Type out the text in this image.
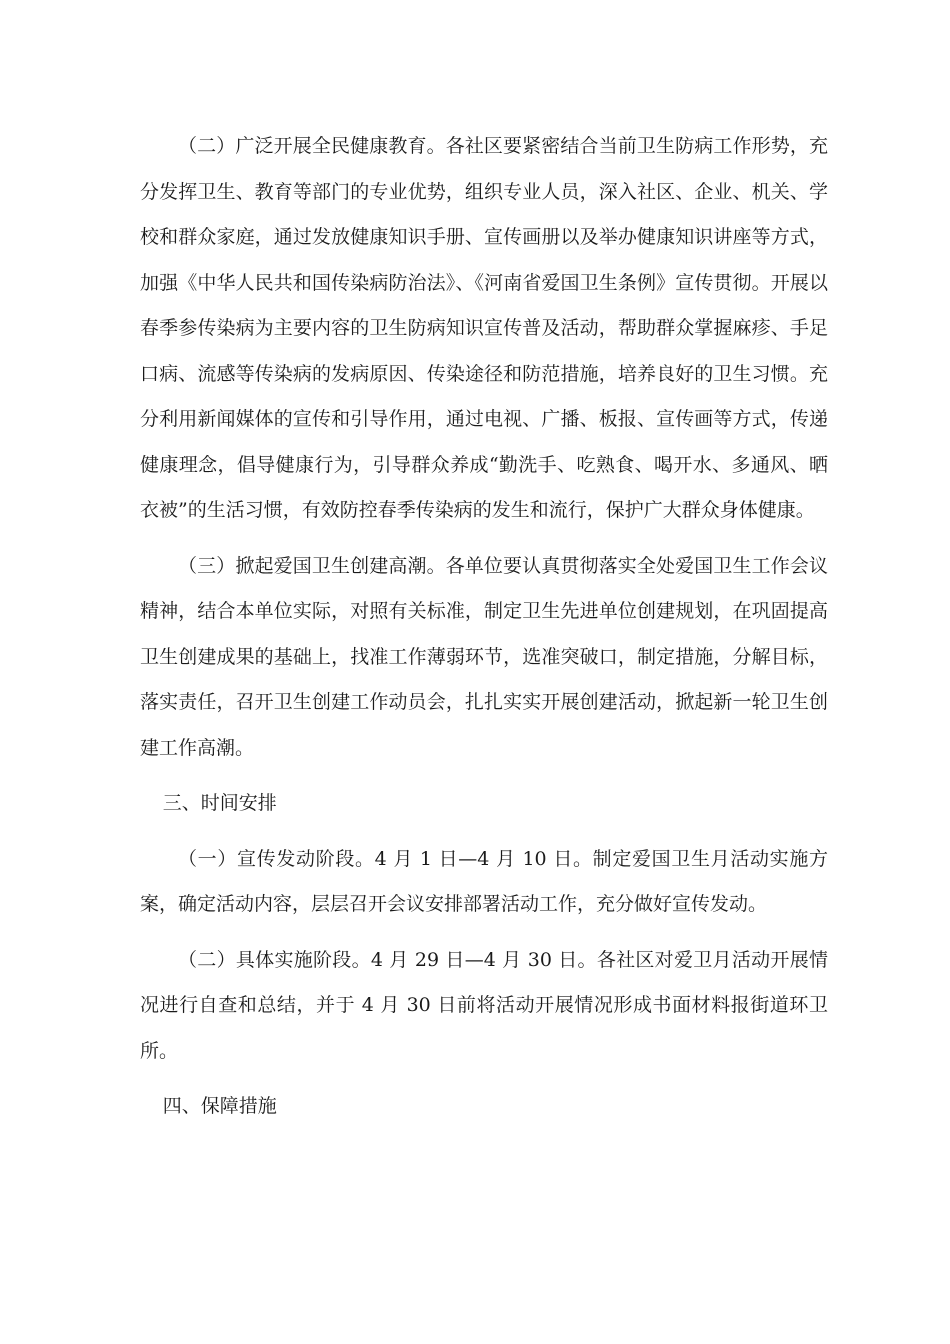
（二）广泛开展全民健康教育。各社区要紧密结合当前卫生防病工作形势，充分发挥卫生、教育等部门的专业优势，组织专业人员，深入社区、企业、机关、学校和群众家庭，通过发放健康知识手册、宣传画册以及举办健康知识讲座等方式，加强《中华人民共和国传染病防治法》、《河南省爱国卫生条例》宣传贯彻。开展以春季参传染病为主要内容的卫生防病知识宣传普及活动，帮助群众掌握麻疹、手足口病、流感等传染病的发病原因、传染途径和防范措施，培养良好的卫生习惯。充分利用新闻媒体的宣传和引导作用，通过电视、广播、板报、宣传画等方式，传递健康理念，倡导健康行为，引导群众养成“勤洗手、吃熟食、喝开水、多通风、晒衣被”的生活习惯，有效防控春季传染病的发生和流行，保护广大群众身体健康。

（三）掀起爱国卫生创建高潮。各单位要认真贯彻落实全处爱国卫生工作会议精神，结合本单位实际，对照有关标准，制定卫生先进单位创建规划，在巩固提高卫生创建成果的基础上，找准工作薄弱环节，选准突破口，制定措施，分解目标，落实责任，召开卫生创建工作动员会，扎扎实实开展创建活动，掀起新一轮卫生创建工作高潮。

三、时间安排

（一）宣传发动阶段。4 月 1 日—4 月 10 日。制定爱国卫生月活动实施方案，确定活动内容，层层召开会议安排部署活动工作，充分做好宣传发动。

（二）具体实施阶段。4 月 29 日—4 月 30 日。各社区对爱卫月活动开展情况进行自查和总结，并于 4 月 30 日前将活动开展情况形成书面材料报街道环卫所。

四、保障措施
